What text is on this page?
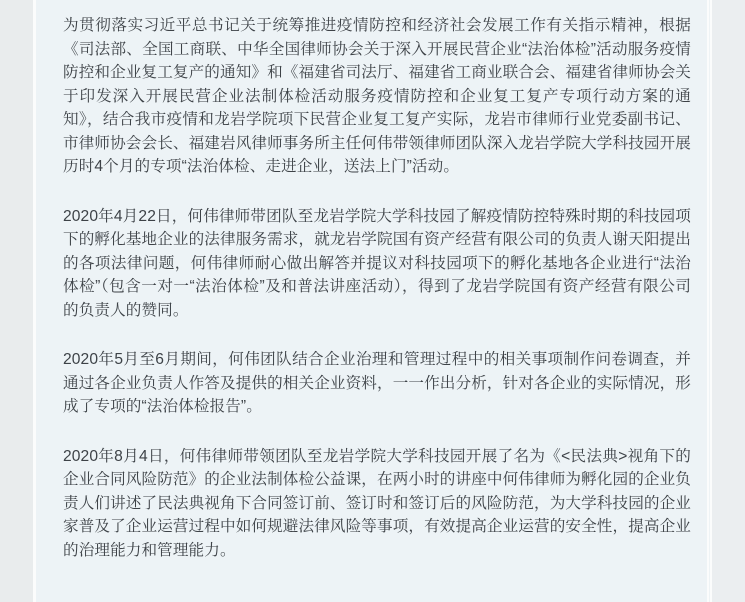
为贯彻落实习近平总书记关于统筹推进疫情防控和经济社会发展工作有关指示精神，根据《司法部、全国工商联、中华全国律师协会关于深入开展民营企业“法治体检”活动服务疫情防控和企业复工复产的通知》和《福建省司法厅、福建省工商业联合会、福建省律师协会关于印发深入开展民营企业法制体检活动服务疫情防控和企业复工复产专项行动方案的通知》，结合我市疫情和龙岩学院项下民营企业复工复产实际，龙岩市律师行业党委副书记、市律师协会会长、福建岩风律师事务所主任何伟带领律师团队深入龙岩学院大学科技园开展历时4个月的专项“法治体检、走进企业，送法上门”活动。

2020年4月22日，何伟律师带团队至龙岩学院大学科技园了解疫情防控特殊时期的科技园项下的孵化基地企业的法律服务需求，就龙岩学院国有资产经营有限公司的负责人谢天阳提出的各项法律问题，何伟律师耐心做出解答并提议对科技园项下的孵化基地各企业进行“法治体检”（包含一对一“法治体检”及和普法讲座活动），得到了龙岩学院国有资产经营有限公司的负责人的赞同。

2020年5月至6月期间，何伟团队结合企业治理和管理过程中的相关事项制作问卷调查，并通过各企业负责人作答及提供的相关企业资料，一一作出分析，针对各企业的实际情况，形成了专项的“法治体检报告”。

2020年8月4日，何伟律师带领团队至龙岩学院大学科技园开展了名为《<民法典>视角下的企业合同风险防范》的企业法制体检公益课，在两小时的讲座中何伟律师为孵化园的企业负责人们讲述了民法典视角下合同签订前、签订时和签订后的风险防范，为大学科技园的企业家普及了企业运营过程中如何规避法律风险等事项，有效提高企业运营的安全性，提高企业的治理能力和管理能力。
